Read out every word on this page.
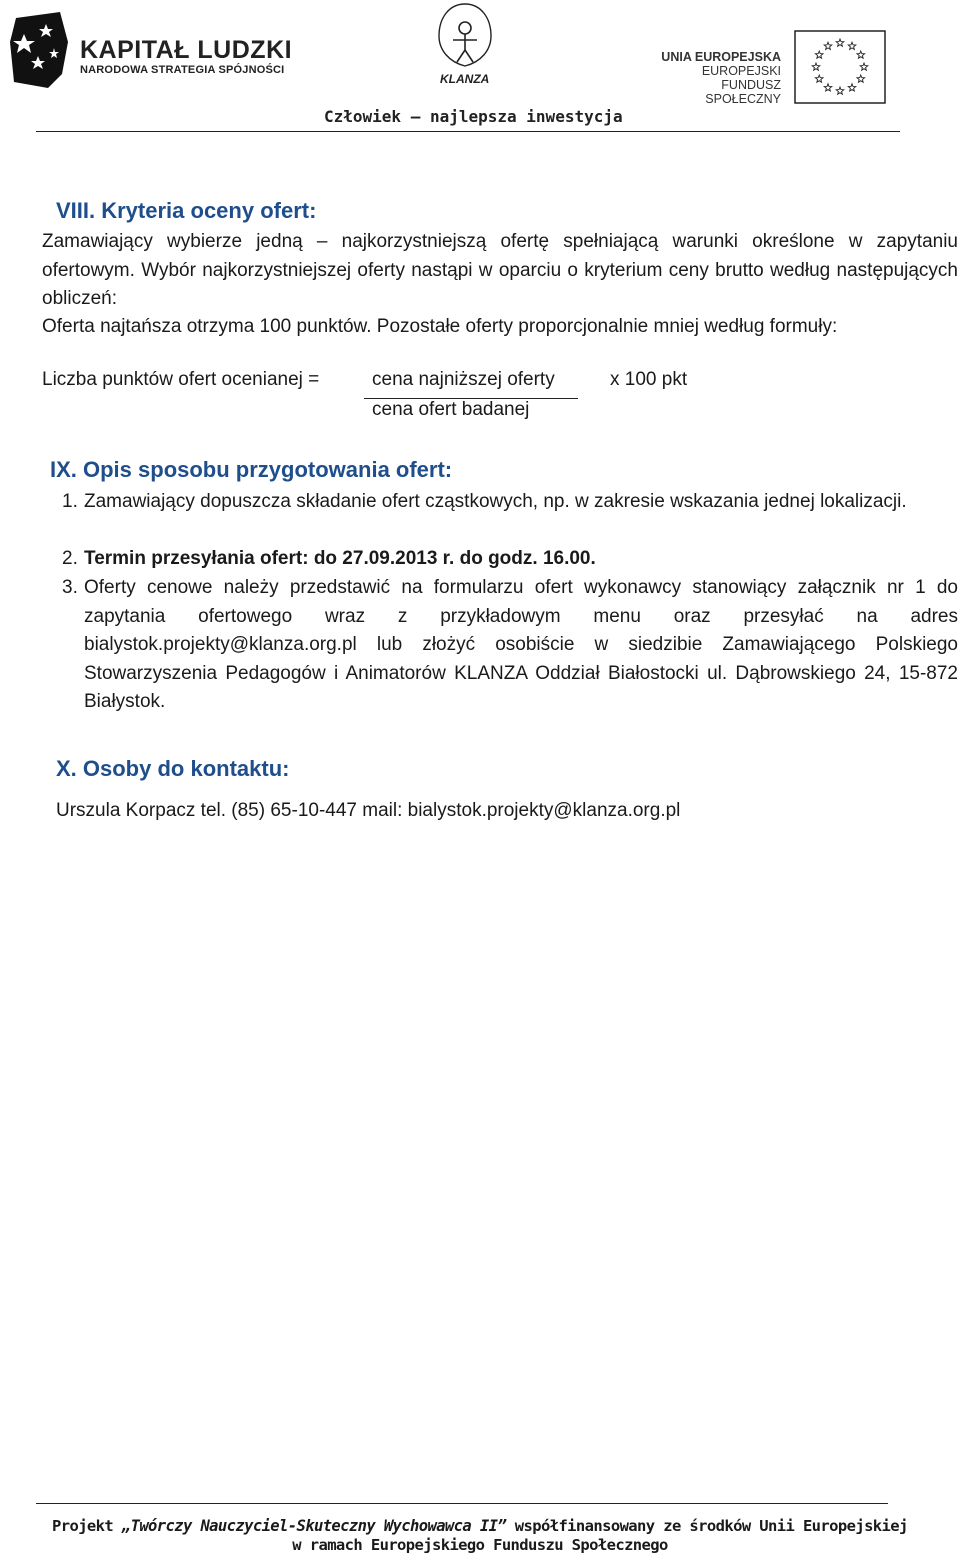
KAPITAŁ LUDZKI
NARODOWA STRATEGIA SPÓJNOŚCI
KLANZA
UNIA EUROPEJSKA
EUROPEJSKI
FUNDUSZ SPOŁECZNY
Człowiek – najlepsza inwestycja
VIII. Kryteria oceny ofert:
Zamawiający wybierze jedną – najkorzystniejszą ofertę spełniającą warunki określone w zapytaniu ofertowym. Wybór najkorzystniejszej oferty nastąpi w oparciu o kryterium ceny brutto według następujących obliczeń:
Oferta najtańsza otrzyma 100 punktów. Pozostałe oferty proporcjonalnie mniej według formuły:
Liczba punktów ofert ocenianej =	cena najniższej oferty
cena ofert badanej
x 100 pkt
IX. Opis sposobu przygotowania ofert:
1. Zamawiający dopuszcza składanie ofert cząstkowych, np. w zakresie wskazania jednej lokalizacji.
2. Termin przesyłania ofert: do 27.09.2013 r. do godz. 16.00.
3. Oferty cenowe należy przedstawić na formularzu ofert wykonawcy stanowiący załącznik nr 1 do zapytania ofertowego wraz z przykładowym menu oraz przesyłać na adres bialystok.projekty@klanza.org.pl lub złożyć osobiście w siedzibie Zamawiającego Polskiego Stowarzyszenia Pedagogów i Animatorów KLANZA Oddział Białostocki ul. Dąbrowskiego 24, 15-872 Białystok.
X. Osoby do kontaktu:
Urszula Korpacz tel. (85) 65-10-447 mail: bialystok.projekty@klanza.org.pl
Projekt „Twórczy Nauczyciel-Skuteczny Wychowawca II” współfinansowany ze środków Unii Europejskiej
w ramach Europejskiego Funduszu Społecznego
